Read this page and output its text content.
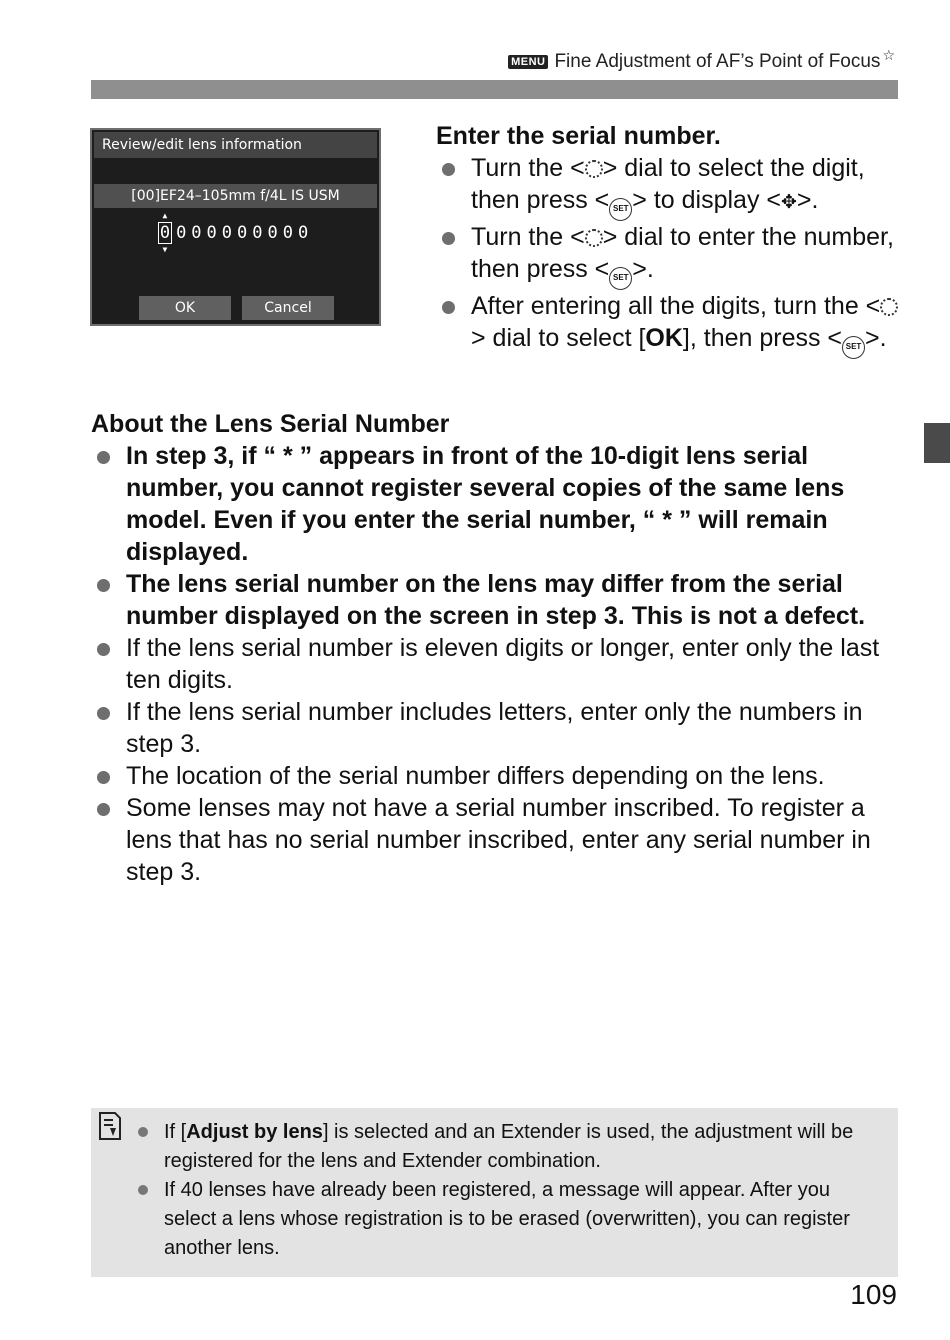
MENU Fine Adjustment of AF’s Point of Focus ☆
Review/edit lens information
[00]EF24–105mm f/4L IS USM
▲
0
▼
000000000
OK	Cancel
Enter the serial number.
Turn the < > dial to select the digit, then press < SET > to display <✥>.
Turn the < > dial to enter the number, then press < SET >.
After entering all the digits, turn the <> dial to select [OK], then press < SET >.
About the Lens Serial Number
In step 3, if “ * ” appears in front of the 10-digit lens serial number, you cannot register several copies of the same lens model. Even if you enter the serial number, “ * ” will remain displayed.
The lens serial number on the lens may differ from the serial number displayed on the screen in step 3. This is not a defect.
If the lens serial number is eleven digits or longer, enter only the last ten digits.
If the lens serial number includes letters, enter only the numbers in step 3.
The location of the serial number differs depending on the lens.
Some lenses may not have a serial number inscribed. To register a lens that has no serial number inscribed, enter any serial number in step 3.
If [Adjust by lens] is selected and an Extender is used, the adjustment will be registered for the lens and Extender combination.
If 40 lenses have already been registered, a message will appear. After you select a lens whose registration is to be erased (overwritten), you can register another lens.
109
